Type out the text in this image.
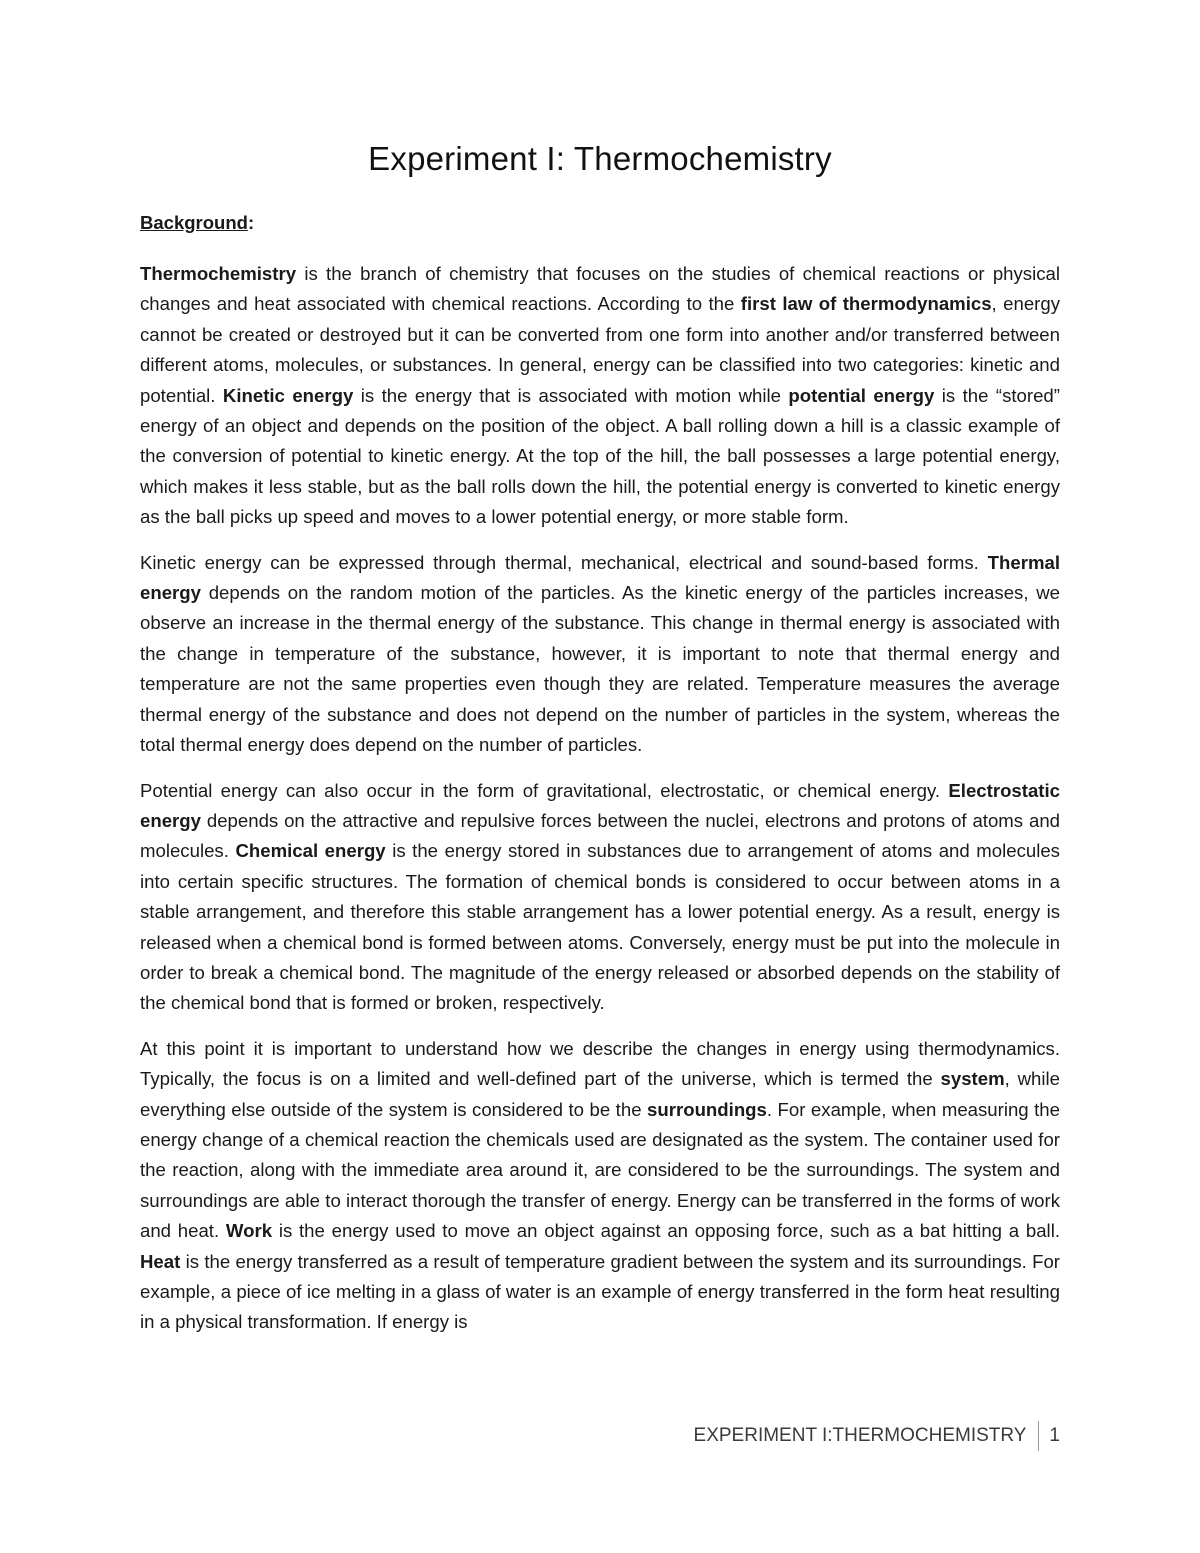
Experiment I: Thermochemistry
Background:

Thermochemistry is the branch of chemistry that focuses on the studies of chemical reactions or physical changes and heat associated with chemical reactions. According to the first law of thermodynamics, energy cannot be created or destroyed but it can be converted from one form into another and/or transferred between different atoms, molecules, or substances. In general, energy can be classified into two categories: kinetic and potential. Kinetic energy is the energy that is associated with motion while potential energy is the “stored” energy of an object and depends on the position of the object. A ball rolling down a hill is a classic example of the conversion of potential to kinetic energy. At the top of the hill, the ball possesses a large potential energy, which makes it less stable, but as the ball rolls down the hill, the potential energy is converted to kinetic energy as the ball picks up speed and moves to a lower potential energy, or more stable form.

Kinetic energy can be expressed through thermal, mechanical, electrical and sound-based forms. Thermal energy depends on the random motion of the particles. As the kinetic energy of the particles increases, we observe an increase in the thermal energy of the substance. This change in thermal energy is associated with the change in temperature of the substance, however, it is important to note that thermal energy and temperature are not the same properties even though they are related. Temperature measures the average thermal energy of the substance and does not depend on the number of particles in the system, whereas the total thermal energy does depend on the number of particles.

Potential energy can also occur in the form of gravitational, electrostatic, or chemical energy. Electrostatic energy depends on the attractive and repulsive forces between the nuclei, electrons and protons of atoms and molecules. Chemical energy is the energy stored in substances due to arrangement of atoms and molecules into certain specific structures. The formation of chemical bonds is considered to occur between atoms in a stable arrangement, and therefore this stable arrangement has a lower potential energy. As a result, energy is released when a chemical bond is formed between atoms. Conversely, energy must be put into the molecule in order to break a chemical bond. The magnitude of the energy released or absorbed depends on the stability of the chemical bond that is formed or broken, respectively.

At this point it is important to understand how we describe the changes in energy using thermodynamics. Typically, the focus is on a limited and well-defined part of the universe, which is termed the system, while everything else outside of the system is considered to be the surroundings. For example, when measuring the energy change of a chemical reaction the chemicals used are designated as the system. The container used for the reaction, along with the immediate area around it, are considered to be the surroundings. The system and surroundings are able to interact thorough the transfer of energy. Energy can be transferred in the forms of work and heat. Work is the energy used to move an object against an opposing force, such as a bat hitting a ball. Heat is the energy transferred as a result of temperature gradient between the system and its surroundings. For example, a piece of ice melting in a glass of water is an example of energy transferred in the form heat resulting in a physical transformation. If energy is

EXPERIMENT I:THERMOCHEMISTRY 1
